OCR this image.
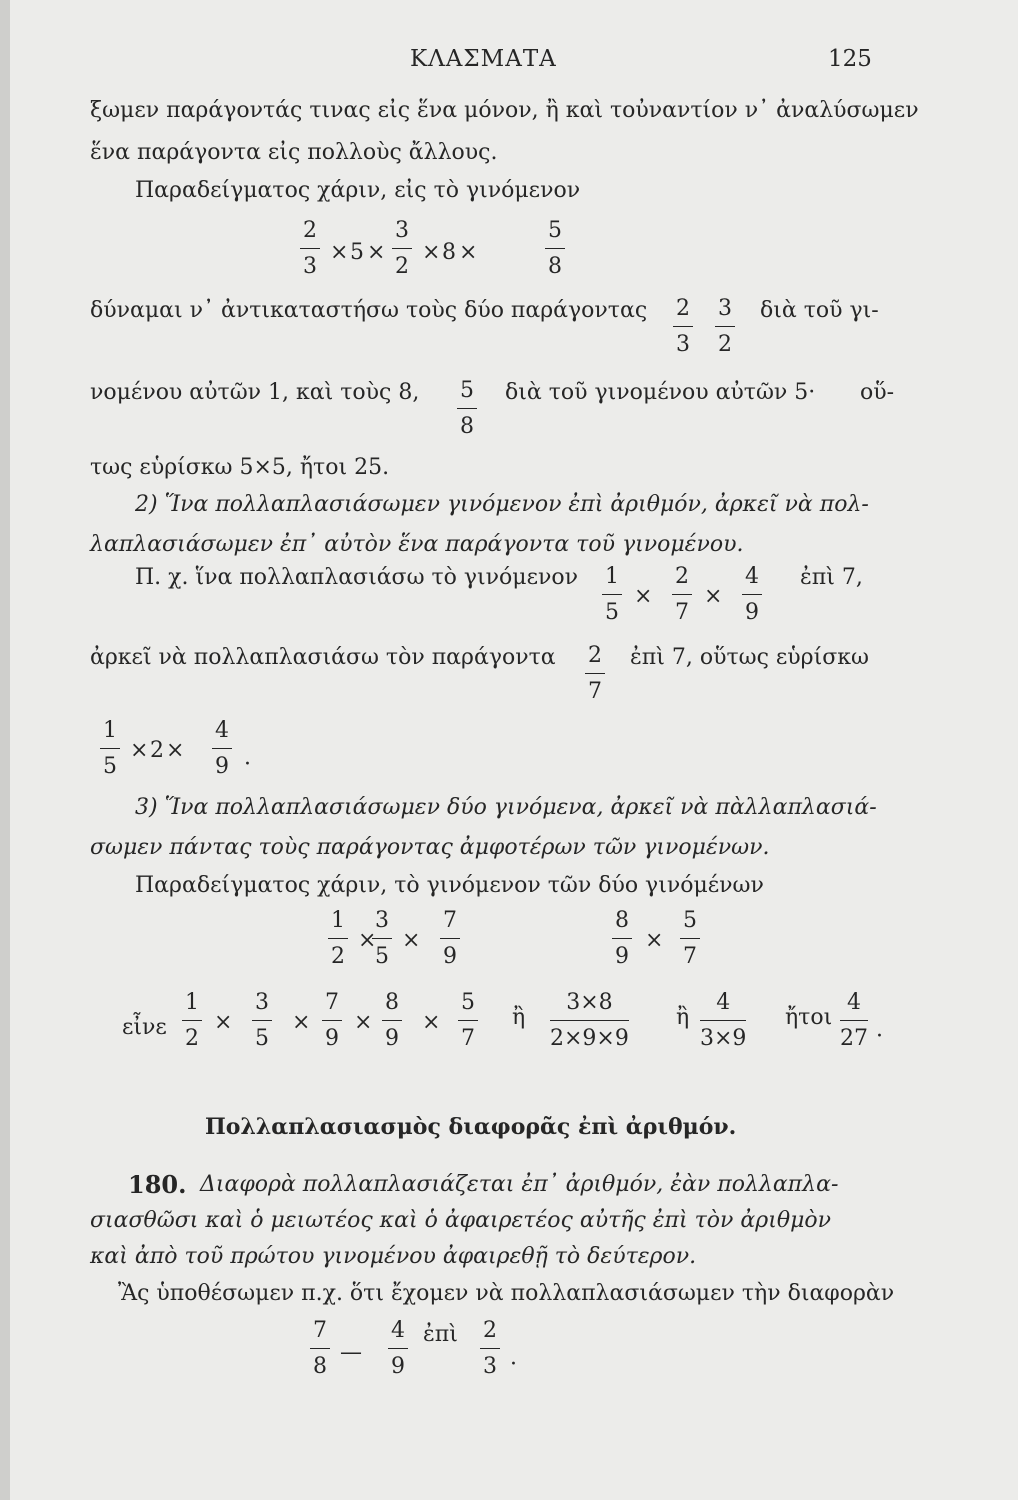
ΚΛΑΣΜΑΤΑ	125
ξωμεν παράγοντάς τινας εἰς ἕνα μόνον, ἢ καὶ τοὐναντίον ν᾽ ἀναλύσωμεν
ἕνα παράγοντα εἰς πολλοὺς ἄλλους.
Παραδείγματος χάριν, εἰς τὸ γινόμενον
$\frac{2}{3} \times 5 \times \frac{3}{2} \times 8$ ×	$\frac{5}{8}$
δύναμαι ν᾽ ἀντικαταστήσω τοὺς δύο παράγοντας $\frac{2}{3} \frac{3}{2}$ διὰ τοῦ γι-
νομένου αὐτῶν 1, καὶ τοὺς 8, $\frac{5}{8}$ διὰ τοῦ γινομένου αὐτῶν 5· οὕ-
τως εὑρίσκω 5×5, ἤτοι 25.
2) Ἵνα πολλαπλασιάσωμεν γινόμενον ἐπὶ ἀριθμόν, ἀρκεῖ νὰ πολ-
λαπλασιάσωμεν ἐπ᾽ αὐτὸν ἕνα παράγοντα τοῦ γινομένου.
Π. χ. ἵνα πολλαπλασιάσω τὸ γινόμενον $\frac{1}{5} \times \frac{2}{7} \times \frac{4}{9}$ ἐπὶ 7,
ἀρκεῖ νὰ πολλαπλασιάσω τὸν παράγοντα $\frac{2}{7}$ ἐπὶ 7, οὕτως εὑρίσκω
$\frac{1}{5} \times 2 \times \frac{4}{9}$ ·
3) Ἵνα πολλαπλασιάσωμεν δύο γινόμενα, ἀρκεῖ νὰ πὰλλαπλασιά-
σωμεν πάντας τοὺς παράγοντας ἀμφοτέρων τῶν γινομένων.
Παραδείγματος χάριν, τὸ γινόμενον τῶν δύο γινόμένων
$\frac{1}{2}$ ×
$\frac{3}{5} \times \frac{7}{9}$	$\frac{8}{9} \times \frac{5}{7}$
εἶνε $\frac{1}{2} \times \frac{3}{5} \times \frac{7}{9} \times \frac{8}{9} \times \frac{5}{7}$ ἢ $\frac{3\times 8}{2\times 9\times 9}$ ἢ $\frac{4}{3\times 9}$ ἤτοι $\frac{4}{27}$ ·
Πολλαπλασιασμὸς διαφορᾶς ἐπὶ ἀριθμόν.
180. Διαφορὰ πολλαπλασιάζεται ἐπ᾽ ἀριθμόν, ἐὰν πολλαπλα-
σιασθῶσι καὶ ὁ μειωτέος καὶ ὁ ἀφαιρετέος αὐτῆς ἐπὶ τὸν ἀριθμὸν
καὶ ἀπὸ τοῦ πρώτου γινομένου ἀφαιρεθῇ τὸ δεύτερον.
Ἂς ὑποθέσωμεν π.χ. ὅτι ἔχομεν νὰ πολλαπλασιάσωμεν τὴν διαφορὰν
$\frac{7}{8}$ — $\frac{4}{9}$ ἐπὶ $\frac{2}{3}$ ·
